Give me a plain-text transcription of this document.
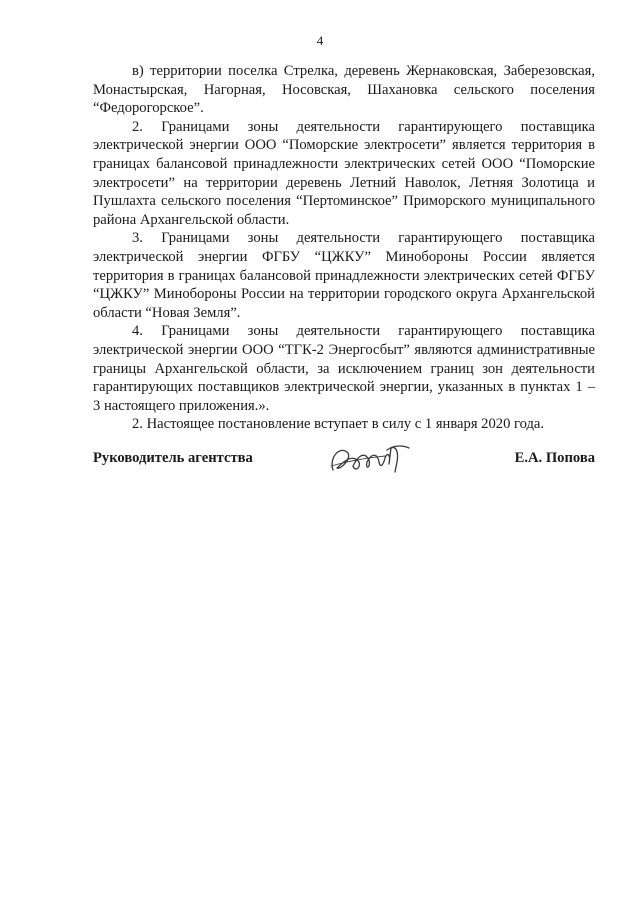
4

в) территории поселка Стрелка, деревень Жернаковская, Заберезовская, Монастырская, Нагорная, Носовская, Шахановка сельского поселения “Федорогорское”.

2. Границами зоны деятельности гарантирующего поставщика электрической энергии ООО “Поморские электросети” является территория в границах балансовой принадлежности электрических сетей ООО “Поморские электросети” на территории деревень Летний Наволок, Летняя Золотица и Пушлахта сельского поселения “Пертоминское” Приморского муниципального района Архангельской области.

3. Границами зоны деятельности гарантирующего поставщика электрической энергии ФГБУ “ЦЖКУ” Минобороны России является территория в границах балансовой принадлежности электрических сетей ФГБУ “ЦЖКУ” Минобороны России на территории городского округа Архангельской области “Новая Земля”.

4. Границами зоны деятельности гарантирующего поставщика электрической энергии ООО “ТГК-2 Энергосбыт” являются административные границы Архангельской области, за исключением границ зон деятельности гарантирующих поставщиков электрической энергии, указанных в пунктах 1 – 3 настоящего приложения.».

2. Настоящее постановление вступает в силу с 1 января 2020 года.

Руководитель агентства	Е.А. Попова
